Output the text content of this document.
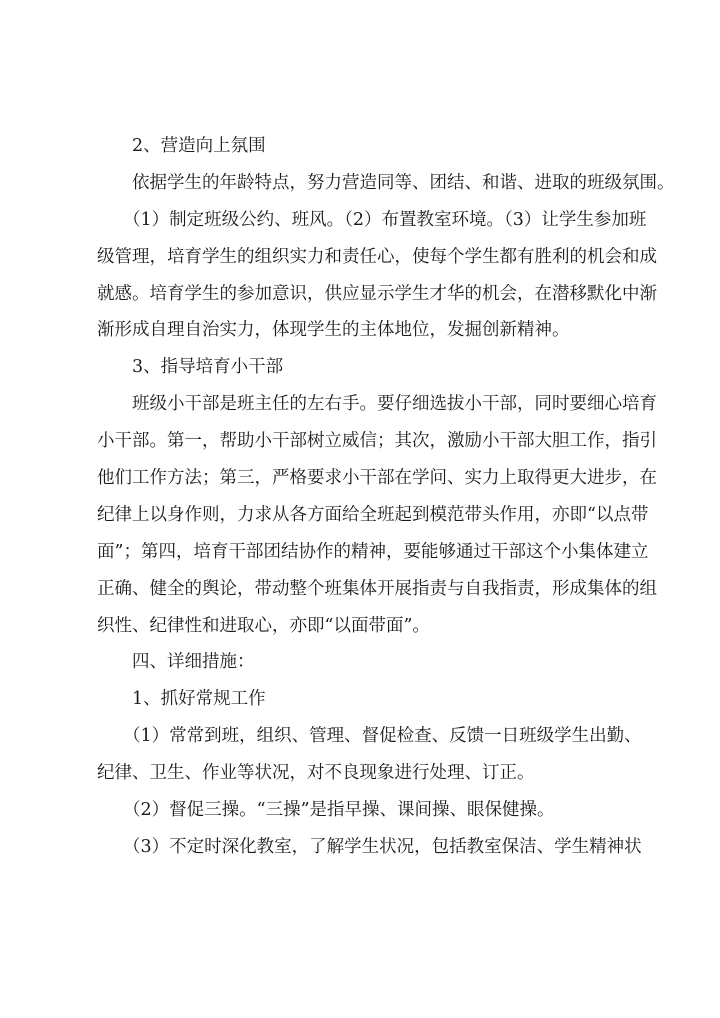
2、营造向上氛围
依据学生的年龄特点，努力营造同等、团结、和谐、进取的班级氛围。
（1）制定班级公约、班风。（2）布置教室环境。（3）让学生参加班
级管理，培育学生的组织实力和责任心，使每个学生都有胜利的机会和成
就感。培育学生的参加意识，供应显示学生才华的机会，在潜移默化中渐
渐形成自理自治实力，体现学生的主体地位，发掘创新精神。
3、指导培育小干部
班级小干部是班主任的左右手。要仔细选拔小干部，同时要细心培育
小干部。第一，帮助小干部树立威信；其次，激励小干部大胆工作，指引
他们工作方法；第三，严格要求小干部在学问、实力上取得更大进步，在
纪律上以身作则，力求从各方面给全班起到模范带头作用，亦即“以点带
面”；第四，培育干部团结协作的精神，要能够通过干部这个小集体建立
正确、健全的舆论，带动整个班集体开展指责与自我指责，形成集体的组
织性、纪律性和进取心，亦即“以面带面”。
四、详细措施：
1、抓好常规工作
（1）常常到班，组织、管理、督促检查、反馈一日班级学生出勤、
纪律、卫生、作业等状况，对不良现象进行处理、订正。
（2）督促三操。“三操”是指早操、课间操、眼保健操。
（3）不定时深化教室，了解学生状况，包括教室保洁、学生精神状
